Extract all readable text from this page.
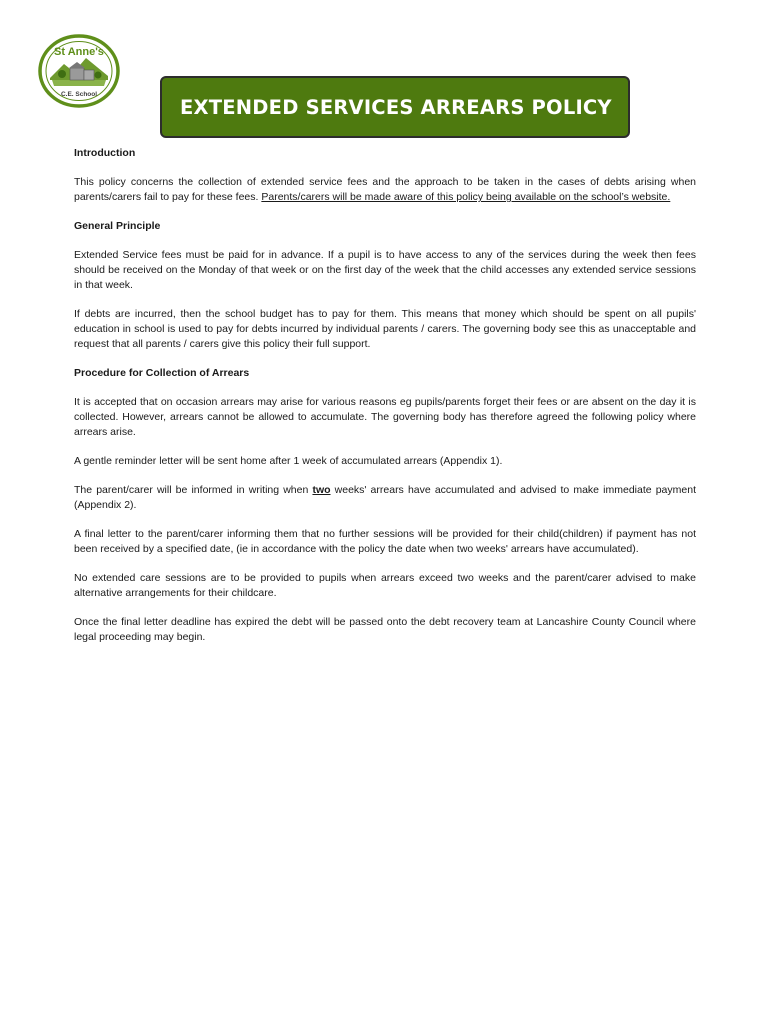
St Anne's
C.E. School
EXTENDED SERVICES ARREARS POLICY
Introduction

This policy concerns the collection of extended service fees and the approach to be taken in the cases of debts arising when parents/carers fail to pay for these fees. Parents/carers will be made aware of this policy being available on the school’s website.

General Principle

Extended Service fees must be paid for in advance. If a pupil is to have access to any of the services during the week then fees should be received on the Monday of that week or on the first day of the week that the child accesses any extended service sessions in that week.

If debts are incurred, then the school budget has to pay for them. This means that money which should be spent on all pupils' education in school is used to pay for debts incurred by individual parents / carers. The governing body see this as unacceptable and request that all parents / carers give this policy their full support.

Procedure for Collection of Arrears

It is accepted that on occasion arrears may arise for various reasons eg pupils/parents forget their fees or are absent on the day it is collected. However, arrears cannot be allowed to accumulate. The governing body has therefore agreed the following policy where arrears arise.

A gentle reminder letter will be sent home after 1 week of accumulated arrears (Appendix 1).

The parent/carer will be informed in writing when two weeks' arrears have accumulated and advised to make immediate payment (Appendix 2).

A final letter to the parent/carer informing them that no further sessions will be provided for their child(children) if payment has not been received by a specified date, (ie in accordance with the policy the date when two weeks' arrears have accumulated).

No extended care sessions are to be provided to pupils when arrears exceed two weeks and the parent/carer advised to make alternative arrangements for their childcare.

Once the final letter deadline has expired the debt will be passed onto the debt recovery team at Lancashire County Council where legal proceeding may begin.
